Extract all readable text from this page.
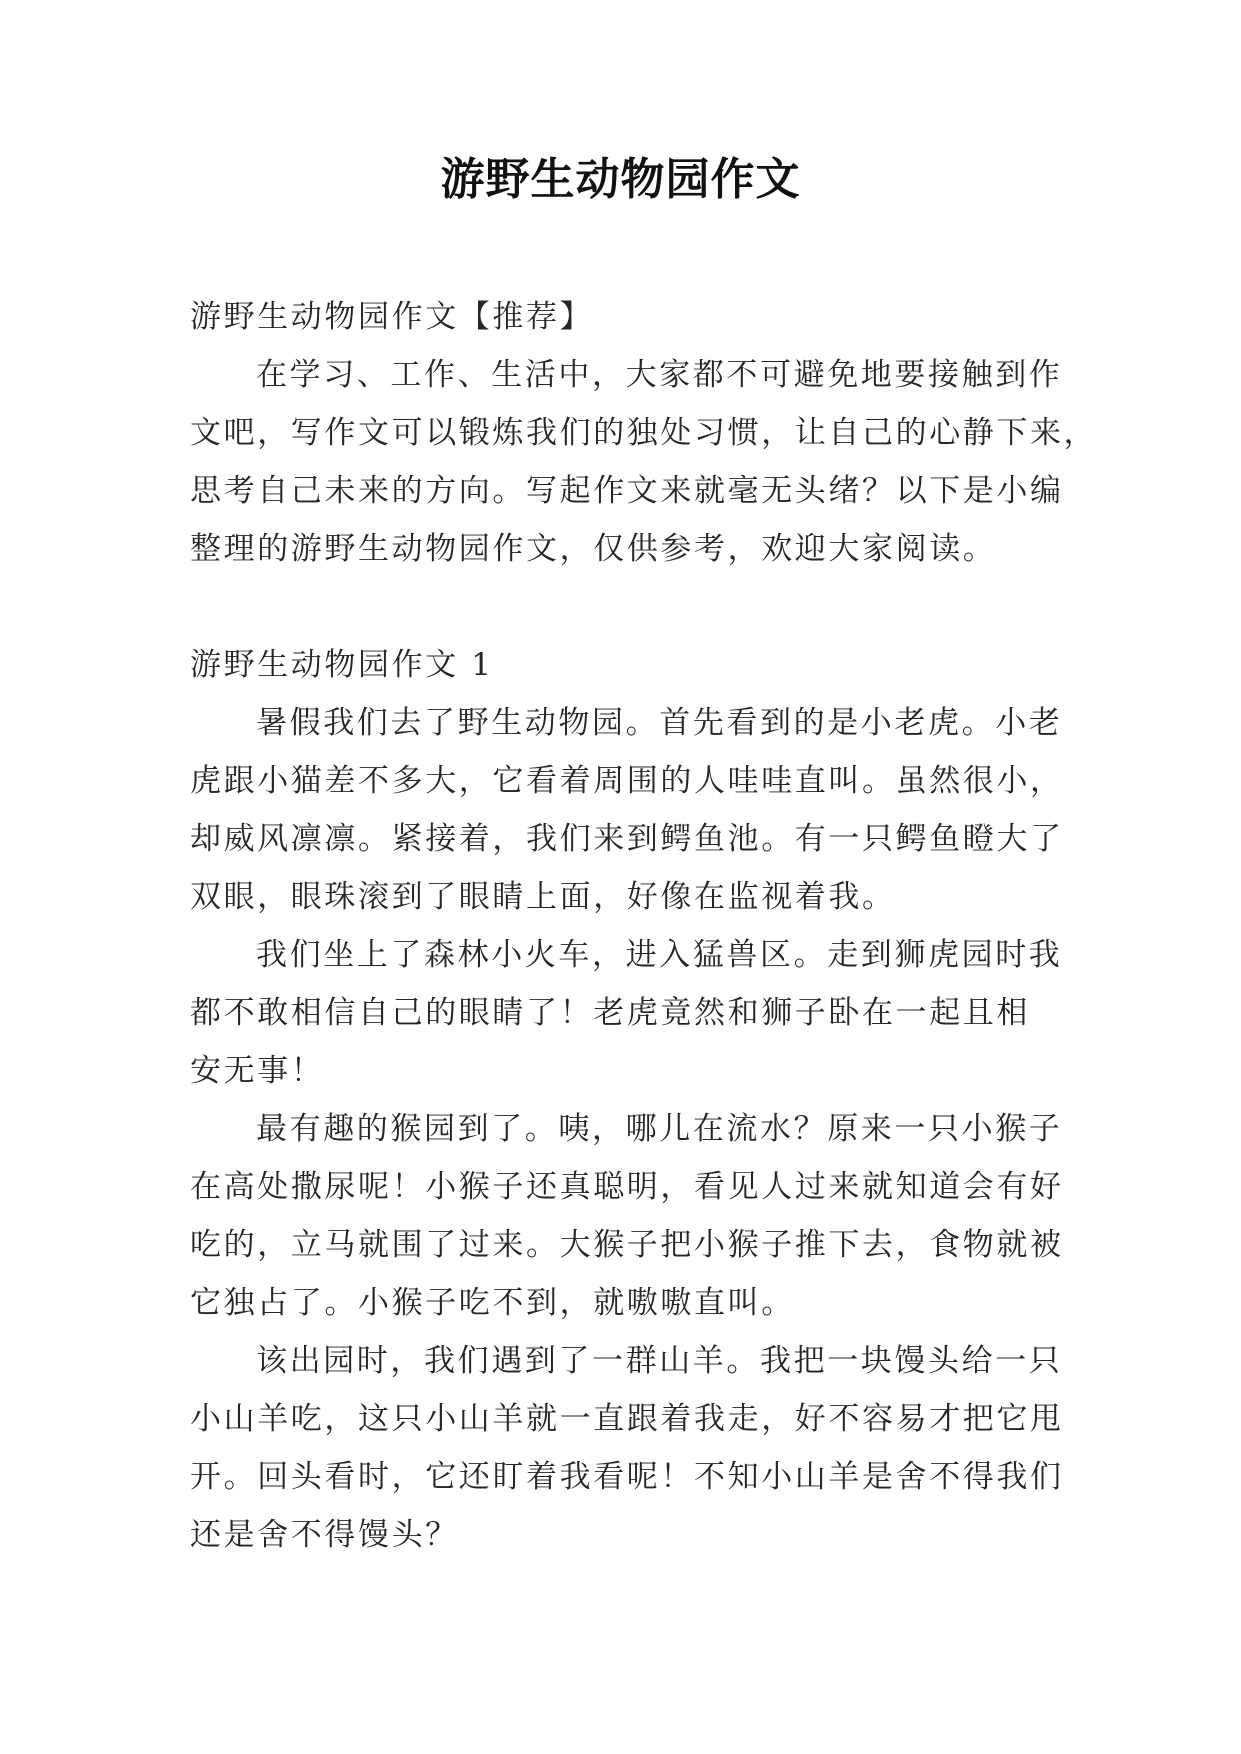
游野生动物园作文
游野生动物园作文【推荐】
在学习、工作、生活中，大家都不可避免地要接触到作
文吧，写作文可以锻炼我们的独处习惯，让自己的心静下来，
思考自己未来的方向。写起作文来就毫无头绪？以下是小编
整理的游野生动物园作文，仅供参考，欢迎大家阅读。
游野生动物园作文 1
暑假我们去了野生动物园。首先看到的是小老虎。小老
虎跟小猫差不多大，它看着周围的人哇哇直叫。虽然很小，
却威风凛凛。紧接着，我们来到鳄鱼池。有一只鳄鱼瞪大了
双眼，眼珠滚到了眼睛上面，好像在监视着我。
我们坐上了森林小火车，进入猛兽区。走到狮虎园时我
都不敢相信自己的眼睛了！老虎竟然和狮子卧在一起且相
安无事！
最有趣的猴园到了。咦，哪儿在流水？原来一只小猴子
在高处撒尿呢！小猴子还真聪明，看见人过来就知道会有好
吃的，立马就围了过来。大猴子把小猴子推下去，食物就被
它独占了。小猴子吃不到，就嗷嗷直叫。
该出园时，我们遇到了一群山羊。我把一块馒头给一只
小山羊吃，这只小山羊就一直跟着我走，好不容易才把它甩
开。回头看时，它还盯着我看呢！不知小山羊是舍不得我们
还是舍不得馒头？
